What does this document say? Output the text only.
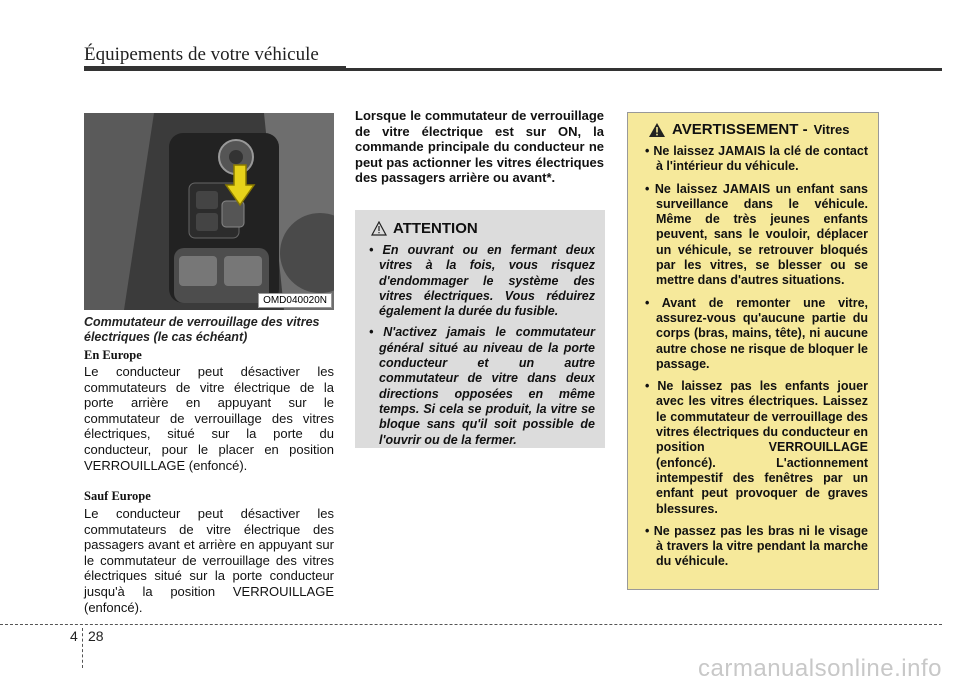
Équipements de votre véhicule
OMD040020N
Commutateur de verrouillage des vitres électriques (le cas échéant)
En Europe
Le conducteur peut désactiver les commutateurs de vitre électrique de la porte arrière en appuyant sur le commutateur de verrouillage des vitres électriques, situé sur la porte du conducteur, pour le placer en position VERROUILLAGE (enfoncé).
Sauf Europe
Le conducteur peut désactiver les commutateurs de vitre électrique des passagers avant et arrière en appuyant sur le commutateur de verrouillage des vitres électriques situé sur la porte conducteur jusqu'à la position VERROUILLAGE (enfoncé).
Lorsque le commutateur de verrouillage de vitre électrique est sur ON, la commande principale du conducteur ne peut pas actionner les vitres électriques des passagers arrière ou avant*.
ATTENTION
• En ouvrant ou en fermant deux vitres à la fois, vous risquez d'endommager le système des vitres électriques. Vous réduirez également la durée du fusible.
• N'activez jamais le commutateur général situé au niveau de la porte conducteur et un autre commutateur de vitre dans deux directions opposées en même temps. Si cela se produit, la vitre se bloque sans qu'il soit possible de l'ouvrir ou de la fermer.
AVERTISSEMENT - Vitres
• Ne laissez JAMAIS la clé de contact à l'intérieur du véhicule.
• Ne laissez JAMAIS un enfant sans surveillance dans le véhicule. Même de très jeunes enfants peuvent, sans le vouloir, déplacer un véhicule, se retrouver bloqués par les vitres, se blesser ou se mettre dans d'autres situations.
• Avant de remonter une vitre, assurez-vous qu'aucune partie du corps (bras, mains, tête), ni aucune autre chose ne risque de bloquer le passage.
• Ne laissez pas les enfants jouer avec les vitres électriques. Laissez le commutateur de verrouillage des vitres électriques du conducteur en position VERROUILLAGE (enfoncé). L'actionnement intempestif des fenêtres par un enfant peut provoquer de graves blessures.
• Ne passez pas les bras ni le visage à travers la vitre pendant la marche du véhicule.
4 28
carmanualsonline.info
